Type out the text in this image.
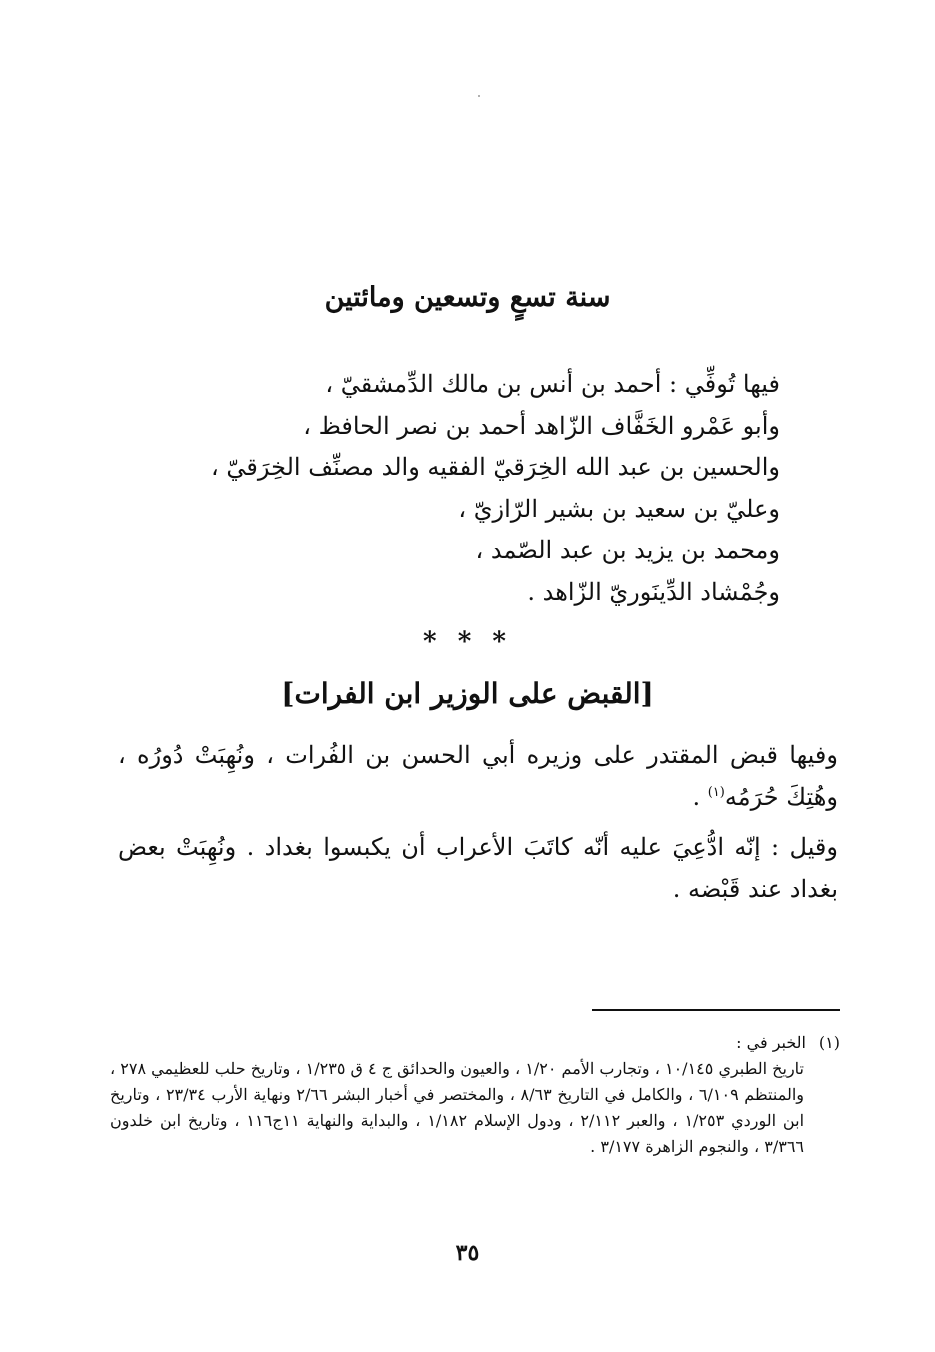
سنة تسعٍ وتسعين ومائتين
فيها تُوفِّي : أحمد بن أنس بن مالك الدِّمشقيّ ،
وأبو عَمْرو الخَفَّاف الزّاهد أحمد بن نصر الحافظ ،
والحسين بن عبد الله الخِرَقيّ الفقيه والد مصنِّف الخِرَقيّ ،
وعليّ بن سعيد بن بشير الرّازيّ ،
ومحمد بن يزيد بن عبد الصّمد ،
وجُمْشاد الدِّينَوريّ الزّاهد .
* * *
[القبض على الوزير ابن الفرات]
وفيها قبض المقتدر على وزيره أبي الحسن بن الفُرات ، ونُهِبَتْ دُورُه ، وهُتِكَ حُرَمُه$^{(١)}$ .
وقيل : إنّه ادُّعِيَ عليه أنّه كاتَبَ الأعراب أن يكبسوا بغداد . ونُهِبَتْ بعض بغداد عند قَبْضه .
(١)الخبر في :
تاريخ الطبري ١٠/١٤٥ ، وتجارب الأمم ١/٢٠ ، والعيون والحدائق ج ٤ ق ١/٢٣٥ ، وتاريخ حلب للعظيمي ٢٧٨ ، والمنتظم ٦/١٠٩ ، والكامل في التاريخ ٨/٦٣ ، والمختصر في أخبار البشر ٢/٦٦ ونهاية الأرب ٢٣/٣٤ ، وتاريخ ابن الوردي ١/٢٥٣ ، والعبر ٢/١١٢ ، ودول الإسلام ١/١٨٢ ، والبداية والنهاية ١١ج١١٦ ، وتاريخ ابن خلدون ٣/٣٦٦ ، والنجوم الزاهرة ٣/١٧٧ .
٣٥
